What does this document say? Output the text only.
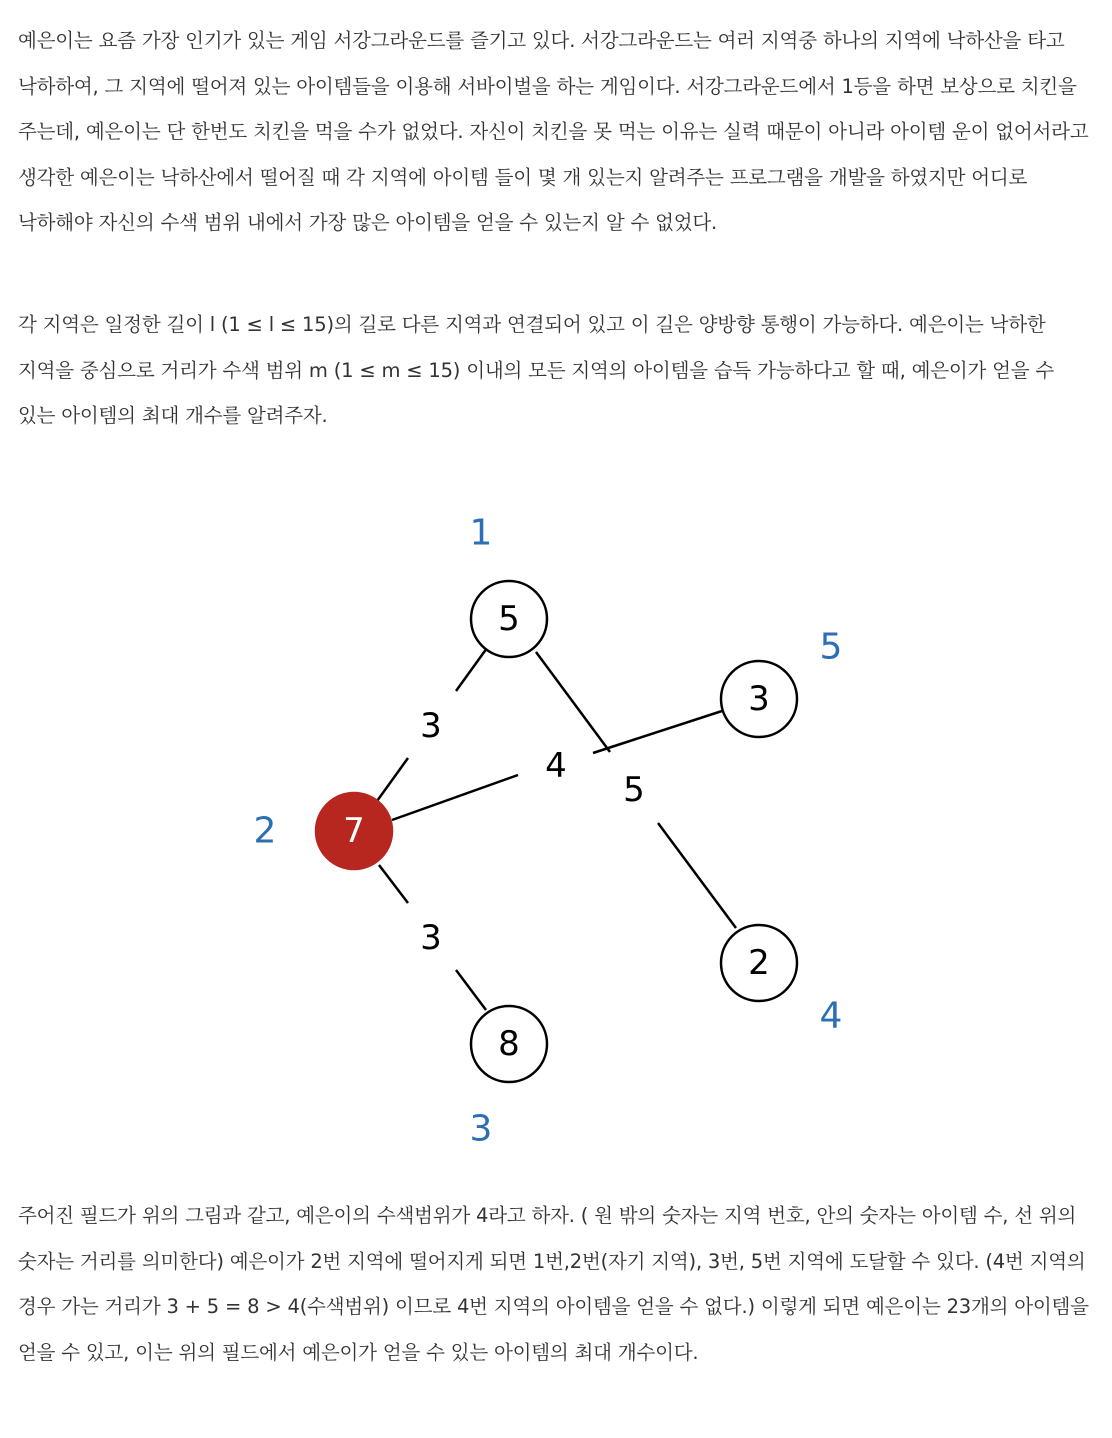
예은이는 요즘 가장 인기가 있는 게임 서강그라운드를 즐기고 있다. 서강그라운드는 여러 지역중 하나의 지역에 낙하산을 타고 낙하하여, 그 지역에 떨어져 있는 아이템들을 이용해 서바이벌을 하는 게임이다. 서강그라운드에서 1등을 하면 보상으로 치킨을 주는데, 예은이는 단 한번도 치킨을 먹을 수가 없었다. 자신이 치킨을 못 먹는 이유는 실력 때문이 아니라 아이템 운이 없어서라고 생각한 예은이는 낙하산에서 떨어질 때 각 지역에 아이템 들이 몇 개 있는지 알려주는 프로그램을 개발을 하였지만 어디로 낙하해야 자신의 수색 범위 내에서 가장 많은 아이템을 얻을 수 있는지 알 수 없었다.

각 지역은 일정한 길이 l (1 ≤ l ≤ 15)의 길로 다른 지역과 연결되어 있고 이 길은 양방향 통행이 가능하다. 예은이는 낙하한 지역을 중심으로 거리가 수색 범위 m (1 ≤ m ≤ 15) 이내의 모든 지역의 아이템을 습득 가능하다고 할 때, 예은이가 얻을 수 있는 아이템의 최대 개수를 알려주자.

3
4
5
3
5
1
7
2
8
3
2
4
3
5

주어진 필드가 위의 그림과 같고, 예은이의 수색범위가 4라고 하자. ( 원 밖의 숫자는 지역 번호, 안의 숫자는 아이템 수, 선 위의 숫자는 거리를 의미한다) 예은이가 2번 지역에 떨어지게 되면 1번,2번(자기 지역), 3번, 5번 지역에 도달할 수 있다. (4번 지역의 경우 가는 거리가 3 + 5 = 8 > 4(수색범위) 이므로 4번 지역의 아이템을 얻을 수 없다.) 이렇게 되면 예은이는 23개의 아이템을 얻을 수 있고, 이는 위의 필드에서 예은이가 얻을 수 있는 아이템의 최대 개수이다.
